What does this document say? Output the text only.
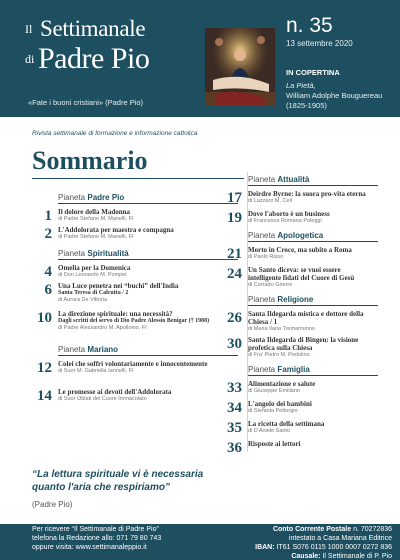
Il Settimanale
di Padre Pio
«Fate i buoni cristiani» (Padre Pio)
n. 35
13 settembre 2020
IN COPERTINA
La Pietà,
William Adolphe Bouguereau (1825-1905)
Rivista settimanale di formazione e informazione cattolica
Sommario
Pianeta Padre Pio
1 Il dolore della Madonna
di Padre Stefano M. Manelli, FI
2 L'Addolorata per maestra e compagna
di Padre Stefano M. Manelli, FI
Pianeta Spiritualità
4 Omelia per la Domenica
di Don Leonardo M. Pompei
6 Una Luce penetra nei “buchi” dell'India
Santa Teresa di Calcutta / 2
di Aurora De Vittoria
10 La direzione spirituale: una necessità?
Dagli scritti del servo di Dio Padre Alessio Benigar († 1988)
di Padre Alessandro M. Apollonio, FI
Pianeta Mariano
12 Colei che soffrì volontariamente e innocentemente
di Suor M. Gabriella Iannelli, FI
14 Le promesse ai devoti dell'Addolorata
di Suor Oblati del Cuore Immacolato
Pianeta Attualità
17 Deirdre Byrne: la suora pro-vita eterna
di Lazzaro M. Celi
19 Dove l'aborto è un business
di Francesca Romana Poleggi
Pianeta Apologetica
21 Morto in Croce, ma subito a Roma
di Paolo Risso
24 Un Santo diceva: se vuoi essere intelligente fidati del Cuore di Gesù
di Corrado Gnerre
Pianeta Religione
26 Santa Ildegarda mistica e dottore della Chiesa / 1
di Maria Ilaria Tremamunno
30 Santa Ildegarda di Bingen: la visione profetica sulla Chiesa
di Fra' Pietro M. Pedolino
Pianeta Famiglia
33 Alimentazione e salute
di Giuseppe Emiliano
34 L'angolo dei bambini
di Stefania Pettorgio
35 La ricetta della settimana
di D'Aniele Santo
36 Risposte ai lettori
“La lettura spirituale vi è necessaria
quanto l'aria che respiriamo”
(Padre Pio)
Per ricevere “Il Settimanale di Padre Pio”
telefona la Redazione allo: 071 79 80 743
oppure visita: www.settimanaleppio.it
Conto Corrente Postale n. 70272836
intestato a Casa Mariana Editrice
IBAN: IT61 S076 0115 1000 0007 0272 836
Causale: Il Settimanale di P. Pio
